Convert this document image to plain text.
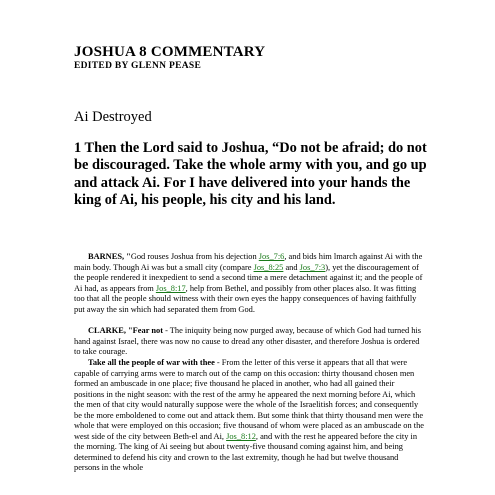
JOSHUA 8 COMMENTARY
EDITED BY GLENN PEASE
Ai Destroyed

1 Then the Lord said to Joshua, “Do not be afraid; do not be discouraged. Take the whole army with you, and go up and attack Ai. For I have delivered into your hands the king of Ai, his people, his city and his land.

BARNES, "God rouses Joshua from his dejection Jos_7:6, and bids him lmarch against Ai with the main body. Though Ai was but a small city (compare Jos_8:25 and Jos_7:3), yet the discouragement of the people rendered it inexpedient to send a second time a mere detachment against it; and the people of Ai had, as appears from Jos_8:17, help from Bethel, and possibly from other places also. It was fitting too that all the people should witness with their own eyes the happy consequences of having faithfully put away the sin which had separated them from God.

CLARKE, "Fear not - The iniquity being now purged away, because of which God had turned his hand against Israel, there was now no cause to dread any other disaster, and therefore Joshua is ordered to take courage.

Take all the people of war with thee - From the letter of this verse it appears that all that were capable of carrying arms were to march out of the camp on this occasion: thirty thousand chosen men formed an ambuscade in one place; five thousand he placed in another, who had all gained their positions in the night season: with the rest of the army he appeared the next morning before Ai, which the men of that city would naturally suppose were the whole of the Israelitish forces; and consequently be the more emboldened to come out and attack them. But some think that thirty thousand men were the whole that were employed on this occasion; five thousand of whom were placed as an ambuscade on the west side of the city between Beth-el and Ai, Jos_8:12, and with the rest he appeared before the city in the morning. The king of Ai seeing but about twenty-five thousand coming against him, and being determined to defend his city and crown to the last extremity, though he had but twelve thousand persons in the whole
